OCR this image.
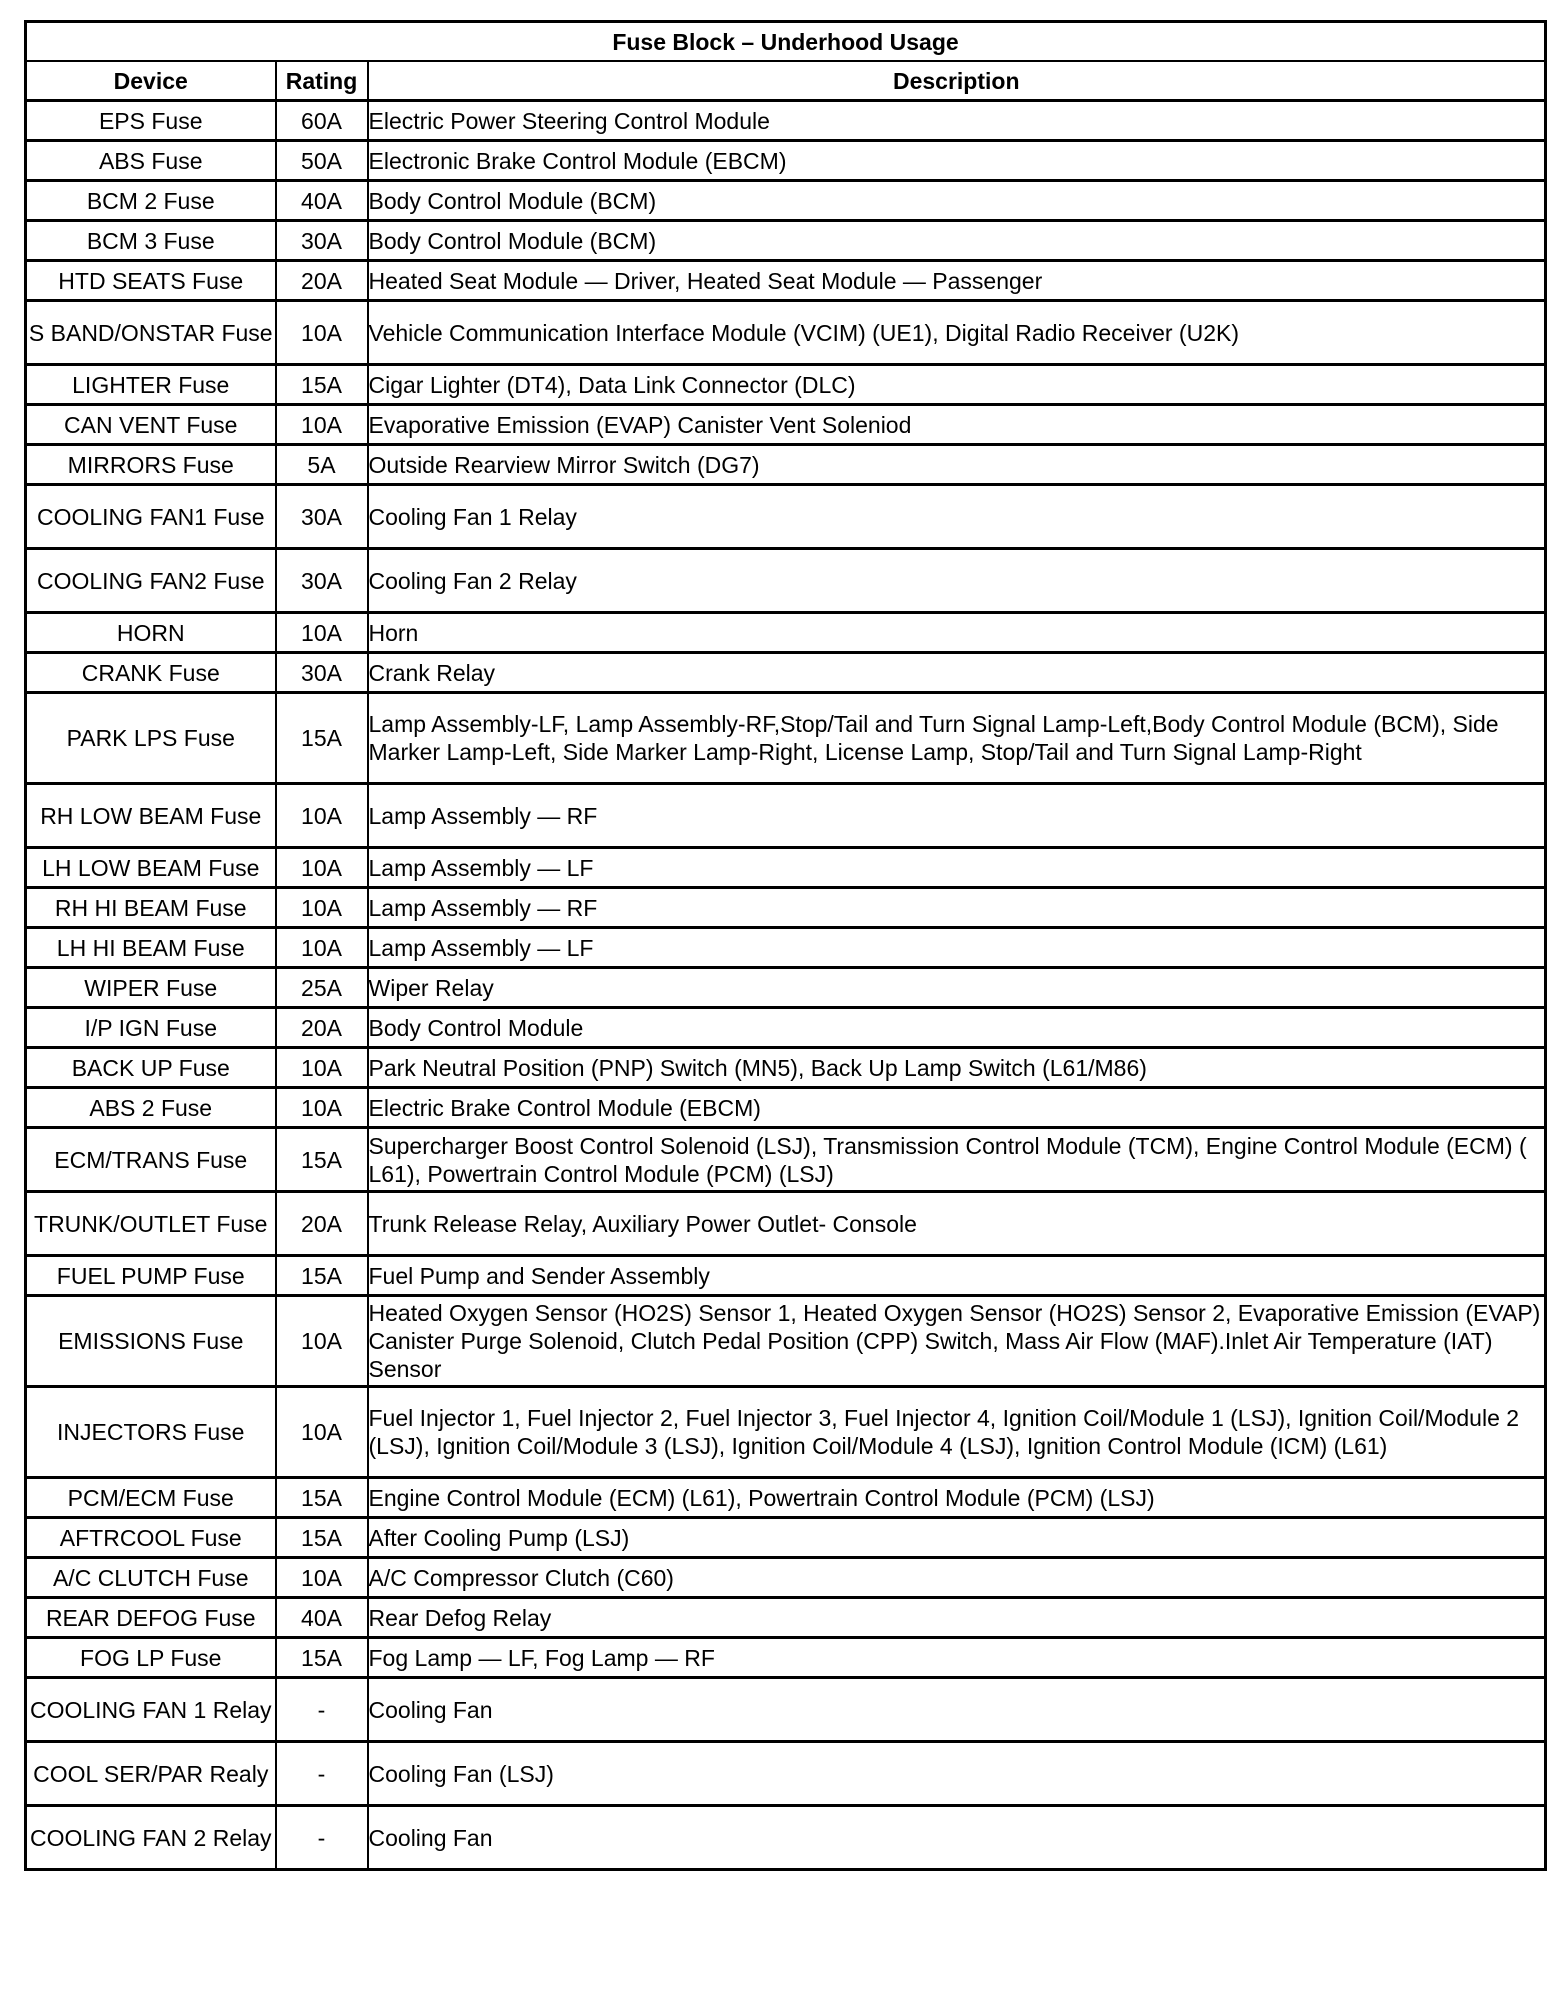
Fuse Block – Underhood Usage		
Device	Rating	Description
EPS Fuse	60A	Electric Power Steering Control Module
ABS Fuse	50A	Electronic Brake Control Module (EBCM)
BCM 2 Fuse	40A	Body Control Module (BCM)
BCM 3 Fuse	30A	Body Control Module (BCM)
HTD SEATS Fuse	20A	Heated Seat Module — Driver, Heated Seat Module — Passenger
S BAND/ONSTAR Fuse	10A	Vehicle Communication Interface Module (VCIM) (UE1), Digital Radio Receiver (U2K)
LIGHTER Fuse	15A	Cigar Lighter (DT4), Data Link Connector (DLC)
CAN VENT Fuse	10A	Evaporative Emission (EVAP) Canister Vent Soleniod
MIRRORS Fuse	5A	Outside Rearview Mirror Switch (DG7)
COOLING FAN1 Fuse	30A	Cooling Fan 1 Relay
COOLING FAN2 Fuse	30A	Cooling Fan 2 Relay
HORN	10A	Horn
CRANK Fuse	30A	Crank Relay
PARK LPS Fuse	15A	Lamp Assembly-LF, Lamp Assembly-RF,Stop/Tail and Turn Signal Lamp-Left,Body Control Module (BCM), Side Marker Lamp-Left, Side Marker Lamp-Right, License Lamp, Stop/Tail and Turn Signal Lamp-Right
RH LOW BEAM Fuse	10A	Lamp Assembly — RF
LH LOW BEAM Fuse	10A	Lamp Assembly — LF
RH HI BEAM Fuse	10A	Lamp Assembly — RF
LH HI BEAM Fuse	10A	Lamp Assembly — LF
WIPER Fuse	25A	Wiper Relay
I/P IGN Fuse	20A	Body Control Module
BACK UP Fuse	10A	Park Neutral Position (PNP) Switch (MN5), Back Up Lamp Switch (L61/M86)
ABS 2 Fuse	10A	Electric Brake Control Module (EBCM)
ECM/TRANS Fuse	15A	Supercharger Boost Control Solenoid (LSJ), Transmission Control Module (TCM), Engine Control Module (ECM) ( L61), Powertrain Control Module (PCM) (LSJ)
TRUNK/OUTLET Fuse	20A	Trunk Release Relay, Auxiliary Power Outlet- Console
FUEL PUMP Fuse	15A	Fuel Pump and Sender Assembly
EMISSIONS Fuse	10A	Heated Oxygen Sensor (HO2S) Sensor 1, Heated Oxygen Sensor (HO2S) Sensor 2, Evaporative Emission (EVAP) Canister Purge Solenoid, Clutch Pedal Position (CPP) Switch, Mass Air Flow (MAF).Inlet Air Temperature (IAT) Sensor
INJECTORS Fuse	10A	Fuel Injector 1, Fuel Injector 2, Fuel Injector 3, Fuel Injector 4, Ignition Coil/Module 1 (LSJ), Ignition Coil/Module 2 (LSJ), Ignition Coil/Module 3 (LSJ), Ignition Coil/Module 4 (LSJ), Ignition Control Module (ICM) (L61)
PCM/ECM Fuse	15A	Engine Control Module (ECM) (L61), Powertrain Control Module (PCM) (LSJ)
AFTRCOOL Fuse	15A	After Cooling Pump (LSJ)
A/C CLUTCH Fuse	10A	A/C Compressor Clutch (C60)
REAR DEFOG Fuse	40A	Rear Defog Relay
FOG LP Fuse	15A	Fog Lamp — LF, Fog Lamp — RF
COOLING FAN 1 Relay	-	Cooling Fan
COOL SER/PAR Realy	-	Cooling Fan (LSJ)
COOLING FAN 2 Relay	-	Cooling Fan
